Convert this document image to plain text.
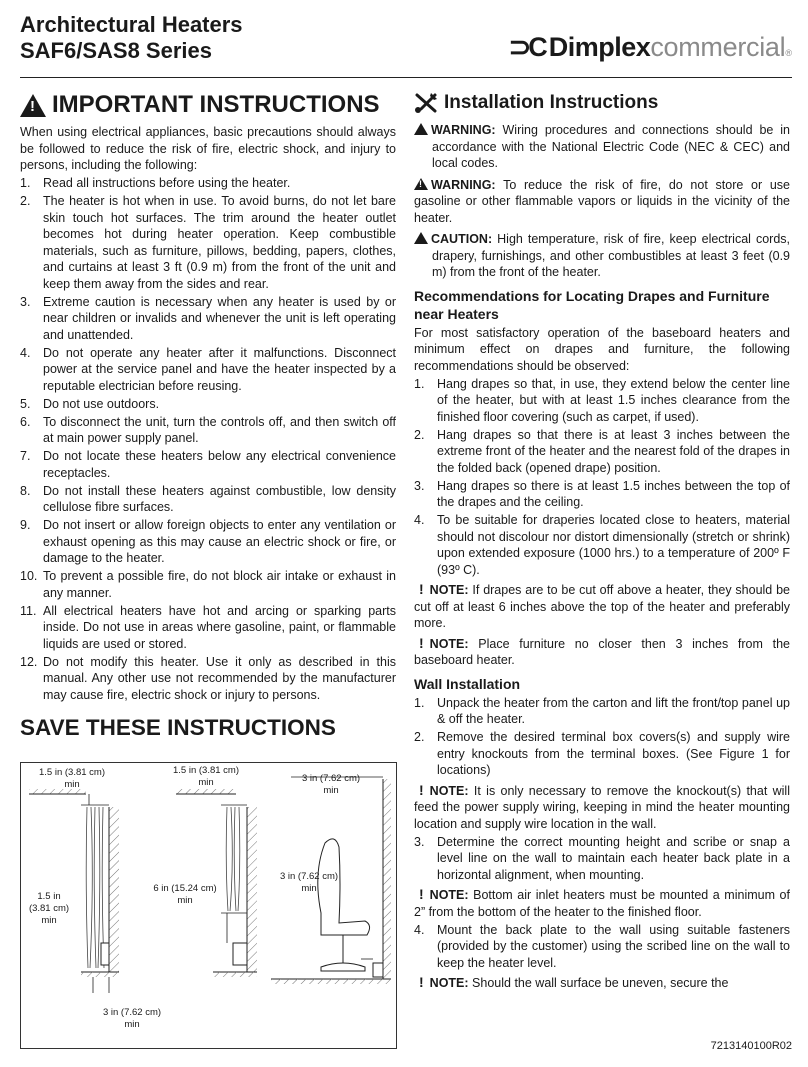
Architectural Heaters
SAF6/SAS8 Series	⊃C Dimplex commercial ®
!
IMPORTANT INSTRUCTIONS

When using electrical appliances, basic precautions should always be followed to reduce the risk of fire, electric shock, and injury to persons, including the following:

1.	Read all instructions before using the heater.
2.	The heater is hot when in use. To avoid burns, do not let bare skin touch hot surfaces. The trim around the heater outlet becomes hot during heater operation. Keep combustible materials, such as furniture, pillows, bedding, papers, clothes, and curtains at least 3 ft (0.9 m) from the front of the unit and keep them away from the sides and rear.
3.	Extreme caution is necessary when any heater is used by or near children or invalids and whenever the unit is left operating and unattended.
4.	Do not operate any heater after it malfunctions. Disconnect power at the service panel and have the heater inspected by a reputable electrician before reusing.
5.	Do not use outdoors.
6.	To disconnect the unit, turn the controls off, and then switch off at main power supply panel.
7.	Do not locate these heaters below any electrical convenience receptacles.
8.	Do not install these heaters against combustible, low density cellulose fibre surfaces.
9.	Do not insert or allow foreign objects to enter any ventilation or exhaust opening as this may cause an electric shock or fire, or damage to the heater.
10. To prevent a possible fire, do not block air intake or exhaust in any manner.
11. All electrical heaters have hot and arcing or sparking parts inside. Do not use in areas where gasoline, paint, or flammable liquids are used or stored.
12. Do not modify this heater. Use it only as described in this manual. Any other use not recommended by the manufacturer may cause fire, electric shock or injury to persons.
SAVE THESE INSTRUCTIONS
1.5 in (3.81 cm)
min
1.5 in
(3.81 cm)
min
1.5 in (3.81 cm)
min
6 in (15.24 cm)
min
3 in (7.62 cm)
min
3 in (7.62 cm)
min
3 in (7.62 cm)
min
Installation Instructions

!WARNING: Wiring procedures and connections should be in accordance with the National Electric Code (NEC & CEC) and local codes.

!WARNING: To reduce the risk of fire, do not store or use gasoline or other flammable vapors or liquids in the vicinity of the heater.

!CAUTION: High temperature, risk of fire, keep electrical cords, drapery, furnishings, and other combustibles at least 3 feet (0.9 m) from the front of the heater.

Recommendations for Locating Drapes and Furniture near Heaters

For most satisfactory operation of the baseboard heaters and minimum effect on drapes and furniture, the following recommendations should be observed:

1.	Hang drapes so that, in use, they extend below the center line of the heater, but with at least 1.5 inches clearance from the finished floor covering (such as carpet, if used).
2.	Hang drapes so that there is at least 3 inches between the extreme front of the heater and the nearest fold of the drapes in the folded back (opened drape) position.
3.	Hang drapes so there is at least 1.5 inches between the top of the drapes and the ceiling.
4.	To be suitable for draperies located close to heaters, material should not discolour nor distort dimensionally (stretch or shrink) upon extended exposure (1000 hrs.) to a temperature of 200º F (93º C).

! NOTE: If drapes are to be cut off above a heater, they should be cut off at least 6 inches above the top of the heater and preferably more.

! NOTE: Place furniture no closer then 3 inches from the baseboard heater.

Wall Installation
1.	Unpack the heater from the carton and lift the front/top panel up & off the heater.
2.	Remove the desired terminal box covers(s) and supply wire entry knockouts from the terminal boxes. (See Figure 1 for locations)

! NOTE: It is only necessary to remove the knockout(s) that will feed the power supply wiring, keeping in mind the heater mounting location and supply wire location in the wall.

3.	Determine the correct mounting height and scribe or snap a level line on the wall to maintain each heater back plate in a horizontal alignment, when mounting.

! NOTE: Bottom air inlet heaters must be mounted a minimum of 2” from the bottom of the heater to the finished floor.

4.	Mount the back plate to the wall using suitable fasteners (provided by the customer) using the scribed line on the wall to keep the heater level.

! NOTE: Should the wall surface be uneven, secure the

7213140100R02
